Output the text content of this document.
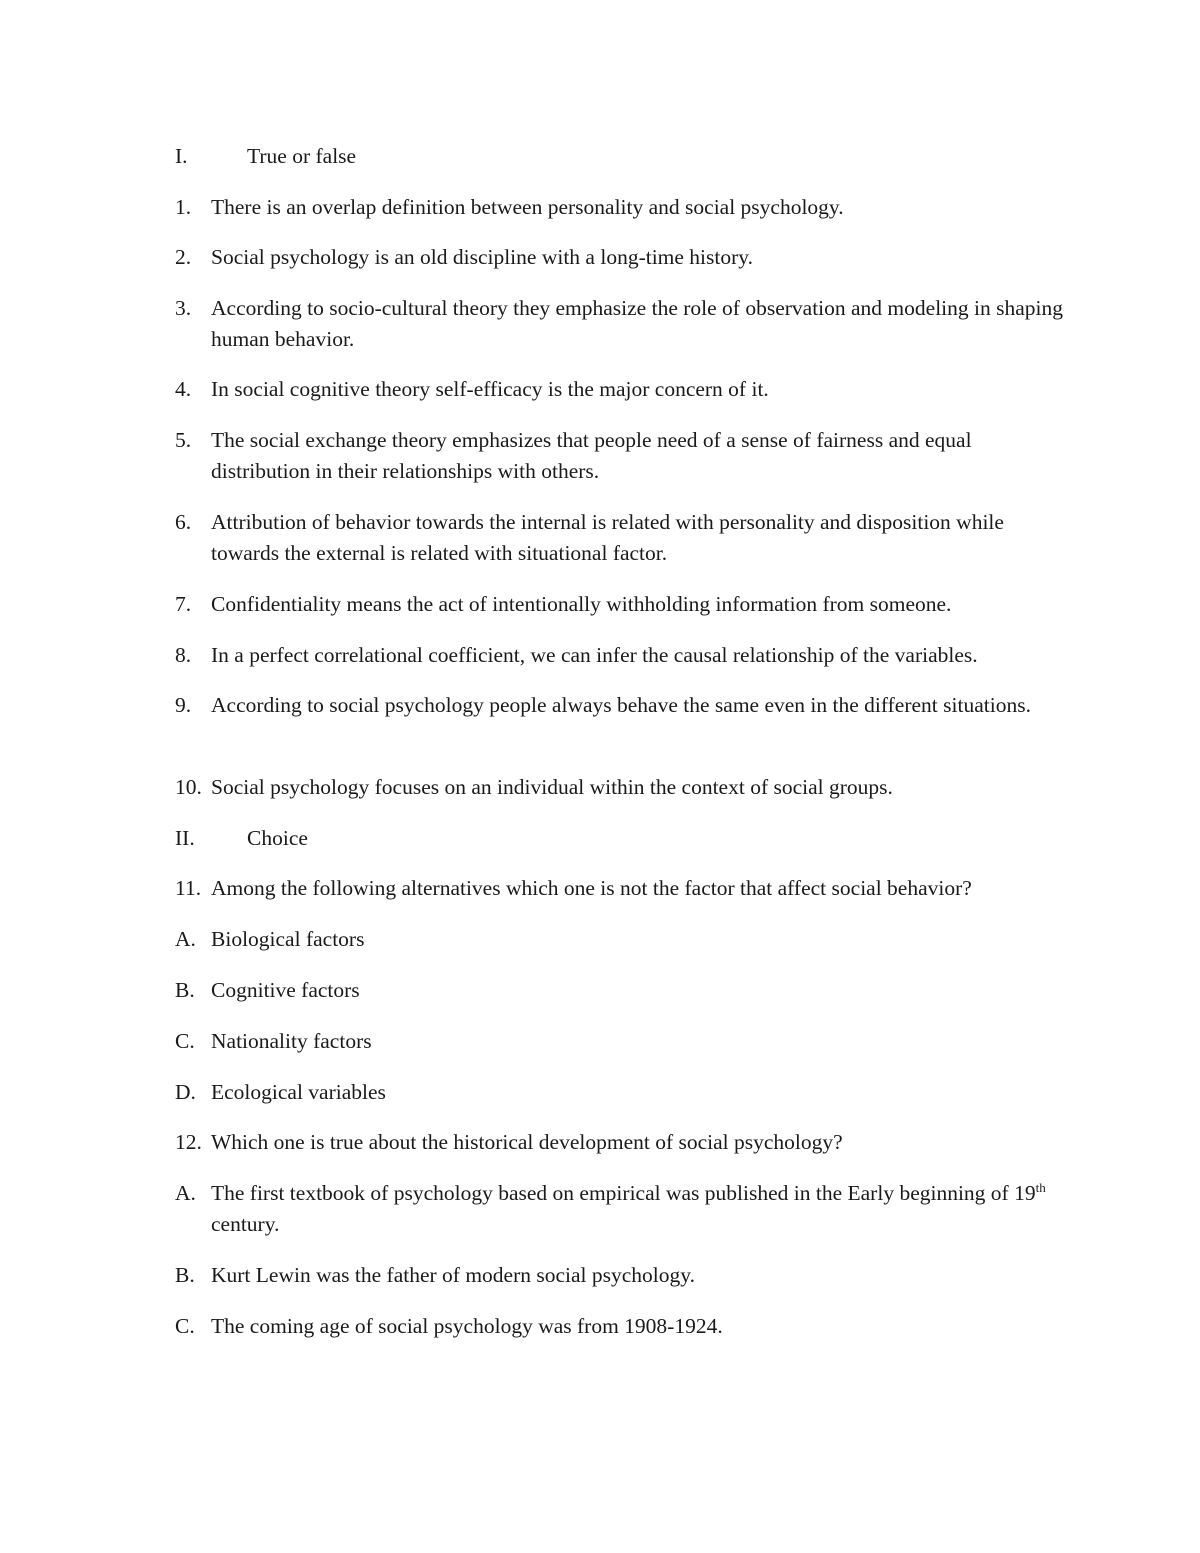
I.	True or false
1. There is an overlap definition between personality and social psychology.
2. Social psychology is an old discipline with a long-time history.
3. According to socio-cultural theory they emphasize the role of observation and modeling in shaping human behavior.
4. In social cognitive theory self-efficacy is the major concern of it.
5. The social exchange theory emphasizes that people need of a sense of fairness and equal distribution in their relationships with others.
6. Attribution of behavior towards the internal is related with personality and disposition while towards the external is related with situational factor.
7. Confidentiality means the act of intentionally withholding information from someone.
8. In a perfect correlational coefficient, we can infer the causal relationship of the variables.
9. According to social psychology people always behave the same even in the different situations.
10. Social psychology focuses on an individual within the context of social groups.
II. Choice
11. Among the following alternatives which one is not the factor that affect social behavior?
A. Biological factors
B. Cognitive factors
C. Nationality factors
D. Ecological variables
12. Which one is true about the historical development of social psychology?
A. The first textbook of psychology based on empirical was published in the Early beginning of 19th century.
B. Kurt Lewin was the father of modern social psychology.
C. The coming age of social psychology was from 1908-1924.
